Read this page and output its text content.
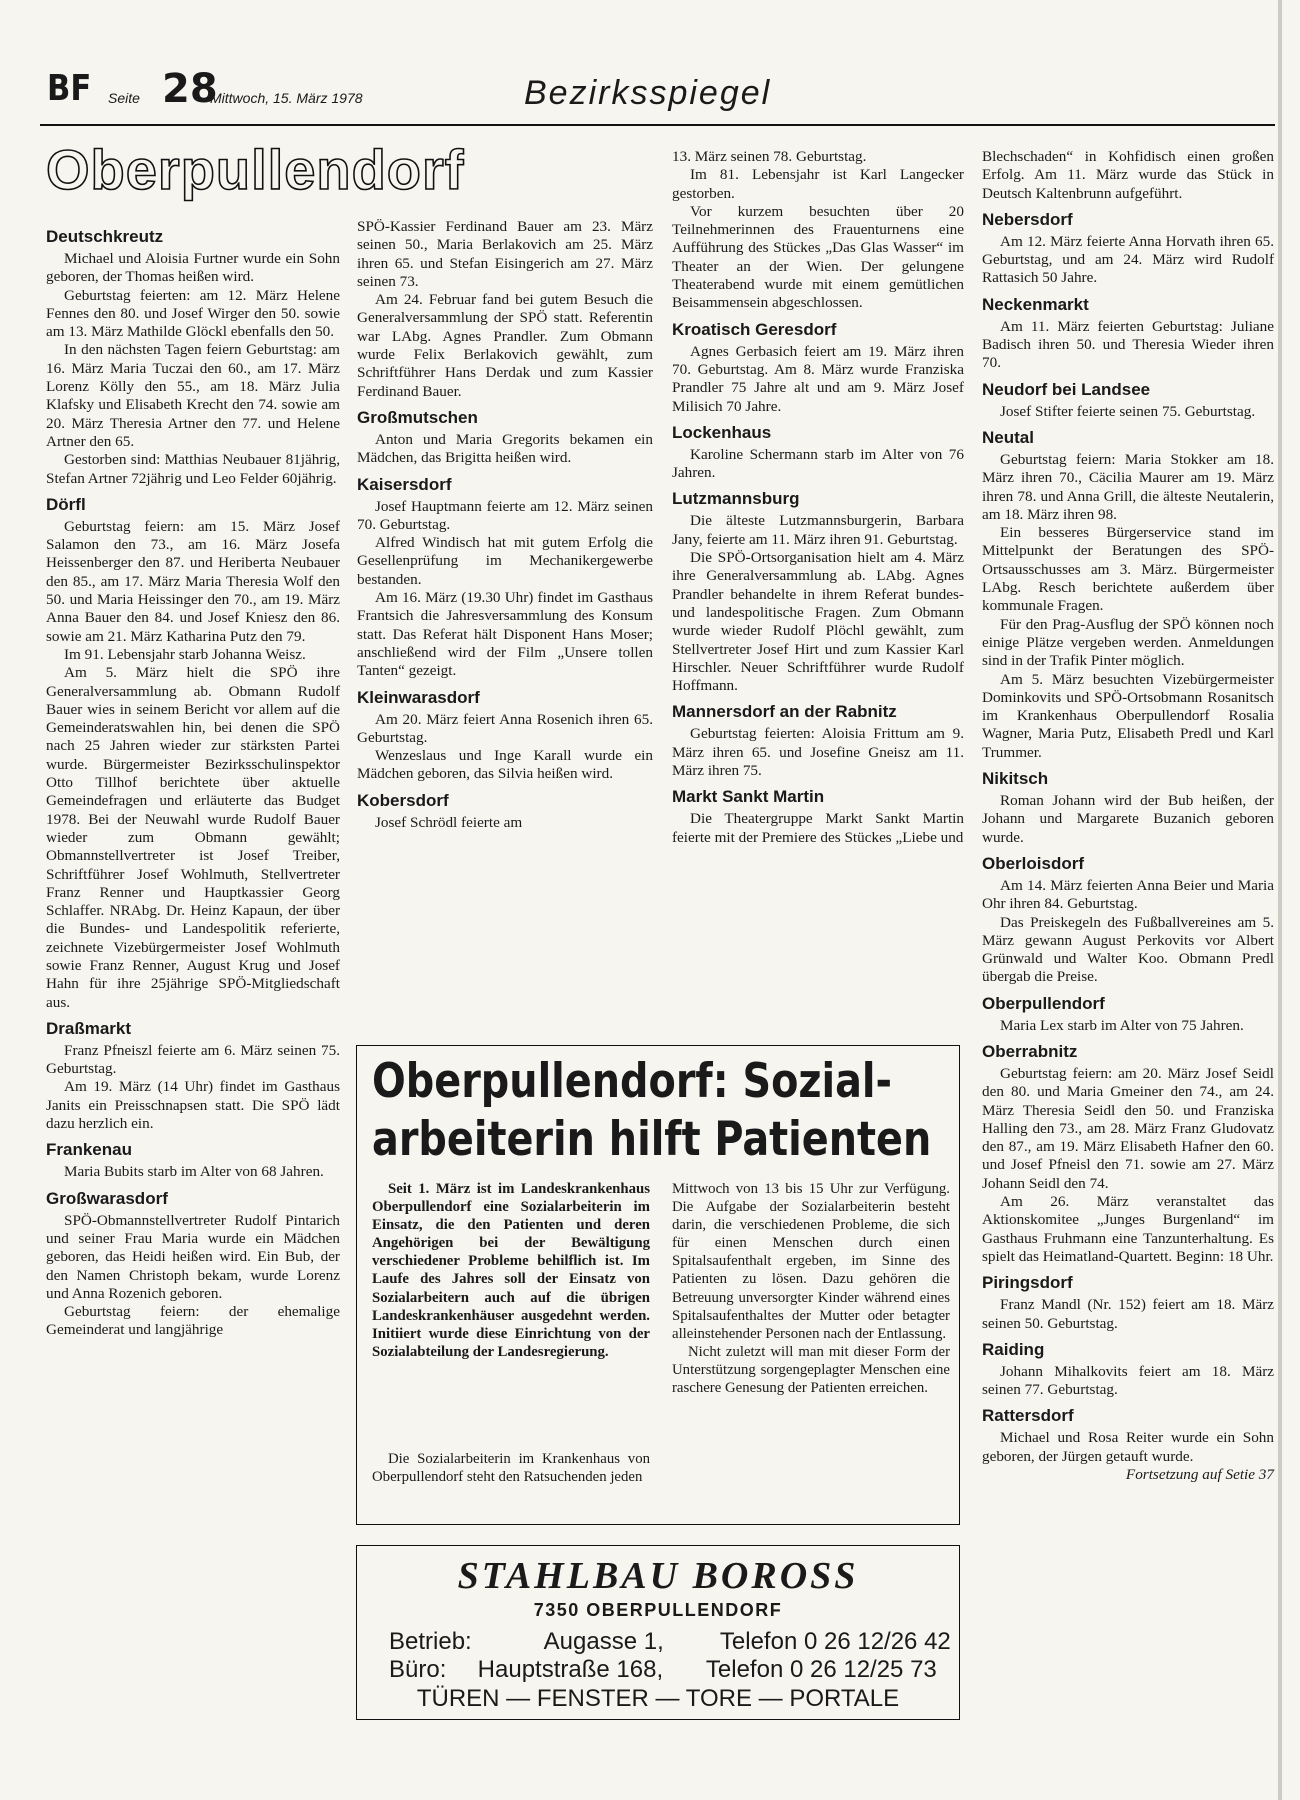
BF Seite 28
Mittwoch, 15. März 1978	Bezirksspiegel
Oberpullendorf
Deutschkreutz

Michael und Aloisia Furtner wurde ein Sohn geboren, der Thomas heißen wird.

Geburtstag feierten: am 12. März Helene Fennes den 80. und Josef Wirger den 50. sowie am 13. März Mathilde Glöckl ebenfalls den 50.

In den nächsten Tagen feiern Geburtstag: am 16. März Maria Tuczai den 60., am 17. März Lorenz Kölly den 55., am 18. März Julia Klafsky und Elisabeth Krecht den 74. sowie am 20. März Theresia Artner den 77. und Helene Artner den 65.

Gestorben sind: Matthias Neubauer 81jährig, Stefan Artner 72jährig und Leo Felder 60jährig.

Dörfl

Geburtstag feiern: am 15. März Josef Salamon den 73., am 16. März Josefa Heissenberger den 87. und Heriberta Neubauer den 85., am 17. März Maria Theresia Wolf den 50. und Maria Heissinger den 70., am 19. März Anna Bauer den 84. und Josef Kniesz den 86. sowie am 21. März Katharina Putz den 79.

Im 91. Lebensjahr starb Johanna Weisz.

Am 5. März hielt die SPÖ ihre Generalversammlung ab. Obmann Rudolf Bauer wies in seinem Bericht vor allem auf die Gemeinderatswahlen hin, bei denen die SPÖ nach 25 Jahren wieder zur stärksten Partei wurde. Bürgermeister Bezirksschulinspektor Otto Tillhof berichtete über aktuelle Gemeindefragen und erläuterte das Budget 1978. Bei der Neuwahl wurde Rudolf Bauer wieder zum Obmann gewählt; Obmannstellvertreter ist Josef Treiber, Schriftführer Josef Wohlmuth, Stellvertreter Franz Renner und Hauptkassier Georg Schlaffer. NRAbg. Dr. Heinz Kapaun, der über die Bundes- und Landespolitik referierte, zeichnete Vizebürgermeister Josef Wohlmuth sowie Franz Renner, August Krug und Josef Hahn für ihre 25jährige SPÖ-Mitgliedschaft aus.

Draßmarkt

Franz Pfneiszl feierte am 6. März seinen 75. Geburtstag.

Am 19. März (14 Uhr) findet im Gasthaus Janits ein Preisschnapsen statt. Die SPÖ lädt dazu herzlich ein.

Frankenau

Maria Bubits starb im Alter von 68 Jahren.

Großwarasdorf

SPÖ-Obmannstellvertreter Rudolf Pintarich und seiner Frau Maria wurde ein Mädchen geboren, das Heidi heißen wird. Ein Bub, der den Namen Christoph bekam, wurde Lorenz und Anna Rozenich geboren.

Geburtstag feiern: der ehemalige Gemeinderat und langjährige

SPÖ-Kassier Ferdinand Bauer am 23. März seinen 50., Maria Berlakovich am 25. März ihren 65. und Stefan Eisingerich am 27. März seinen 73.

Am 24. Februar fand bei gutem Besuch die Generalversammlung der SPÖ statt. Referentin war LAbg. Agnes Prandler. Zum Obmann wurde Felix Berlakovich gewählt, zum Schriftführer Hans Derdak und zum Kassier Ferdinand Bauer.

Großmutschen

Anton und Maria Gregorits bekamen ein Mädchen, das Brigitta heißen wird.

Kaisersdorf

Josef Hauptmann feierte am 12. März seinen 70. Geburtstag.

Alfred Windisch hat mit gutem Erfolg die Gesellenprüfung im Mechanikergewerbe bestanden.

Am 16. März (19.30 Uhr) findet im Gasthaus Frantsich die Jahresversammlung des Konsum statt. Das Referat hält Disponent Hans Moser; anschließend wird der Film „Unsere tollen Tanten“ gezeigt.

Kleinwarasdorf

Am 20. März feiert Anna Rosenich ihren 65. Geburtstag.

Wenzeslaus und Inge Karall wurde ein Mädchen geboren, das Silvia heißen wird.

Kobersdorf

Josef Schrödl feierte am

13. März seinen 78. Geburtstag.

Im 81. Lebensjahr ist Karl Langecker gestorben.

Vor kurzem besuchten über 20 Teilnehmerinnen des Frauenturnens eine Aufführung des Stückes „Das Glas Wasser“ im Theater an der Wien. Der gelungene Theaterabend wurde mit einem gemütlichen Beisammensein abgeschlossen.

Kroatisch Geresdorf

Agnes Gerbasich feiert am 19. März ihren 70. Geburtstag. Am 8. März wurde Franziska Prandler 75 Jahre alt und am 9. März Josef Milisich 70 Jahre.

Lockenhaus

Karoline Schermann starb im Alter von 76 Jahren.

Lutzmannsburg

Die älteste Lutzmannsburgerin, Barbara Jany, feierte am 11. März ihren 91. Geburtstag.

Die SPÖ-Ortsorganisation hielt am 4. März ihre Generalversammlung ab. LAbg. Agnes Prandler behandelte in ihrem Referat bundes- und landespolitische Fragen. Zum Obmann wurde wieder Rudolf Plöchl gewählt, zum Stellvertreter Josef Hirt und zum Kassier Karl Hirschler. Neuer Schriftführer wurde Rudolf Hoffmann.

Mannersdorf an der Rabnitz

Geburtstag feierten: Aloisia Frittum am 9. März ihren 65. und Josefine Gneisz am 11. März ihren 75.

Markt Sankt Martin

Die Theatergruppe Markt Sankt Martin feierte mit der Premiere des Stückes „Liebe und

Blechschaden“ in Kohfidisch einen großen Erfolg. Am 11. März wurde das Stück in Deutsch Kaltenbrunn aufgeführt.

Nebersdorf

Am 12. März feierte Anna Horvath ihren 65. Geburtstag, und am 24. März wird Rudolf Rattasich 50 Jahre.

Neckenmarkt

Am 11. März feierten Geburtstag: Juliane Badisch ihren 50. und Theresia Wieder ihren 70.

Neudorf bei Landsee

Josef Stifter feierte seinen 75. Geburtstag.

Neutal

Geburtstag feiern: Maria Stokker am 18. März ihren 70., Cäcilia Maurer am 19. März ihren 78. und Anna Grill, die älteste Neutalerin, am 18. März ihren 98.

Ein besseres Bürgerservice stand im Mittelpunkt der Beratungen des SPÖ-Ortsausschusses am 3. März. Bürgermeister LAbg. Resch berichtete außerdem über kommunale Fragen.

Für den Prag-Ausflug der SPÖ können noch einige Plätze vergeben werden. Anmeldungen sind in der Trafik Pinter möglich.

Am 5. März besuchten Vizebürgermeister Dominkovits und SPÖ-Ortsobmann Rosanitsch im Krankenhaus Oberpullendorf Rosalia Wagner, Maria Putz, Elisabeth Predl und Karl Trummer.

Nikitsch

Roman Johann wird der Bub heißen, der Johann und Margarete Buzanich geboren wurde.

Oberloisdorf

Am 14. März feierten Anna Beier und Maria Ohr ihren 84. Geburtstag.

Das Preiskegeln des Fußballvereines am 5. März gewann August Perkovits vor Albert Grünwald und Walter Koo. Obmann Predl übergab die Preise.

Oberpullendorf

Maria Lex starb im Alter von 75 Jahren.

Oberrabnitz

Geburtstag feiern: am 20. März Josef Seidl den 80. und Maria Gmeiner den 74., am 24. März Theresia Seidl den 50. und Franziska Halling den 73., am 28. März Franz Gludovatz den 87., am 19. März Elisabeth Hafner den 60. und Josef Pfneisl den 71. sowie am 27. März Johann Seidl den 74.

Am 26. März veranstaltet das Aktionskomitee „Junges Burgenland“ im Gasthaus Fruhmann eine Tanzunterhaltung. Es spielt das Heimatland-Quartett. Beginn: 18 Uhr.

Piringsdorf

Franz Mandl (Nr. 152) feiert am 18. März seinen 50. Geburtstag.

Raiding

Johann Mihalkovits feiert am 18. März seinen 77. Geburtstag.

Rattersdorf

Michael und Rosa Reiter wurde ein Sohn geboren, der Jürgen getauft wurde.

Fortsetzung auf Setie 37

Oberpullendorf: Sozial-
arbeiterin hilft Patienten

Seit 1. März ist im Landeskrankenhaus Oberpullendorf eine Sozialarbeiterin im Einsatz, die den Patienten und deren Angehörigen bei der Bewältigung verschiedener Probleme behilflich ist. Im Laufe des Jahres soll der Einsatz von Sozialarbeitern auch auf die übrigen Landeskrankenhäuser ausgedehnt werden. Initiiert wurde diese Einrichtung von der Sozialabteilung der Landesregierung.

Die Sozialarbeiterin im Krankenhaus von Oberpullendorf steht den Ratsuchenden jeden

Mittwoch von 13 bis 15 Uhr zur Verfügung. Die Aufgabe der Sozialarbeiterin besteht darin, die verschiedenen Probleme, die sich für einen Menschen durch einen Spitalsaufenthalt ergeben, im Sinne des Patienten zu lösen. Dazu gehören die Betreuung unversorgter Kinder während eines Spitalsaufenthaltes der Mutter oder betagter alleinstehender Personen nach der Entlassung.

Nicht zuletzt will man mit dieser Form der Unterstützung sorgengeplagter Menschen eine raschere Genesung der Patienten erreichen.

STAHLBAU BOROSS
7350 OBERPULLENDORF
Betrieb:	Augasse 1, Telefon 0 26 12/26 42
Büro: Hauptstraße 168, Telefon 0 26 12/25 73
TÜREN — FENSTER — TORE — PORTALE
